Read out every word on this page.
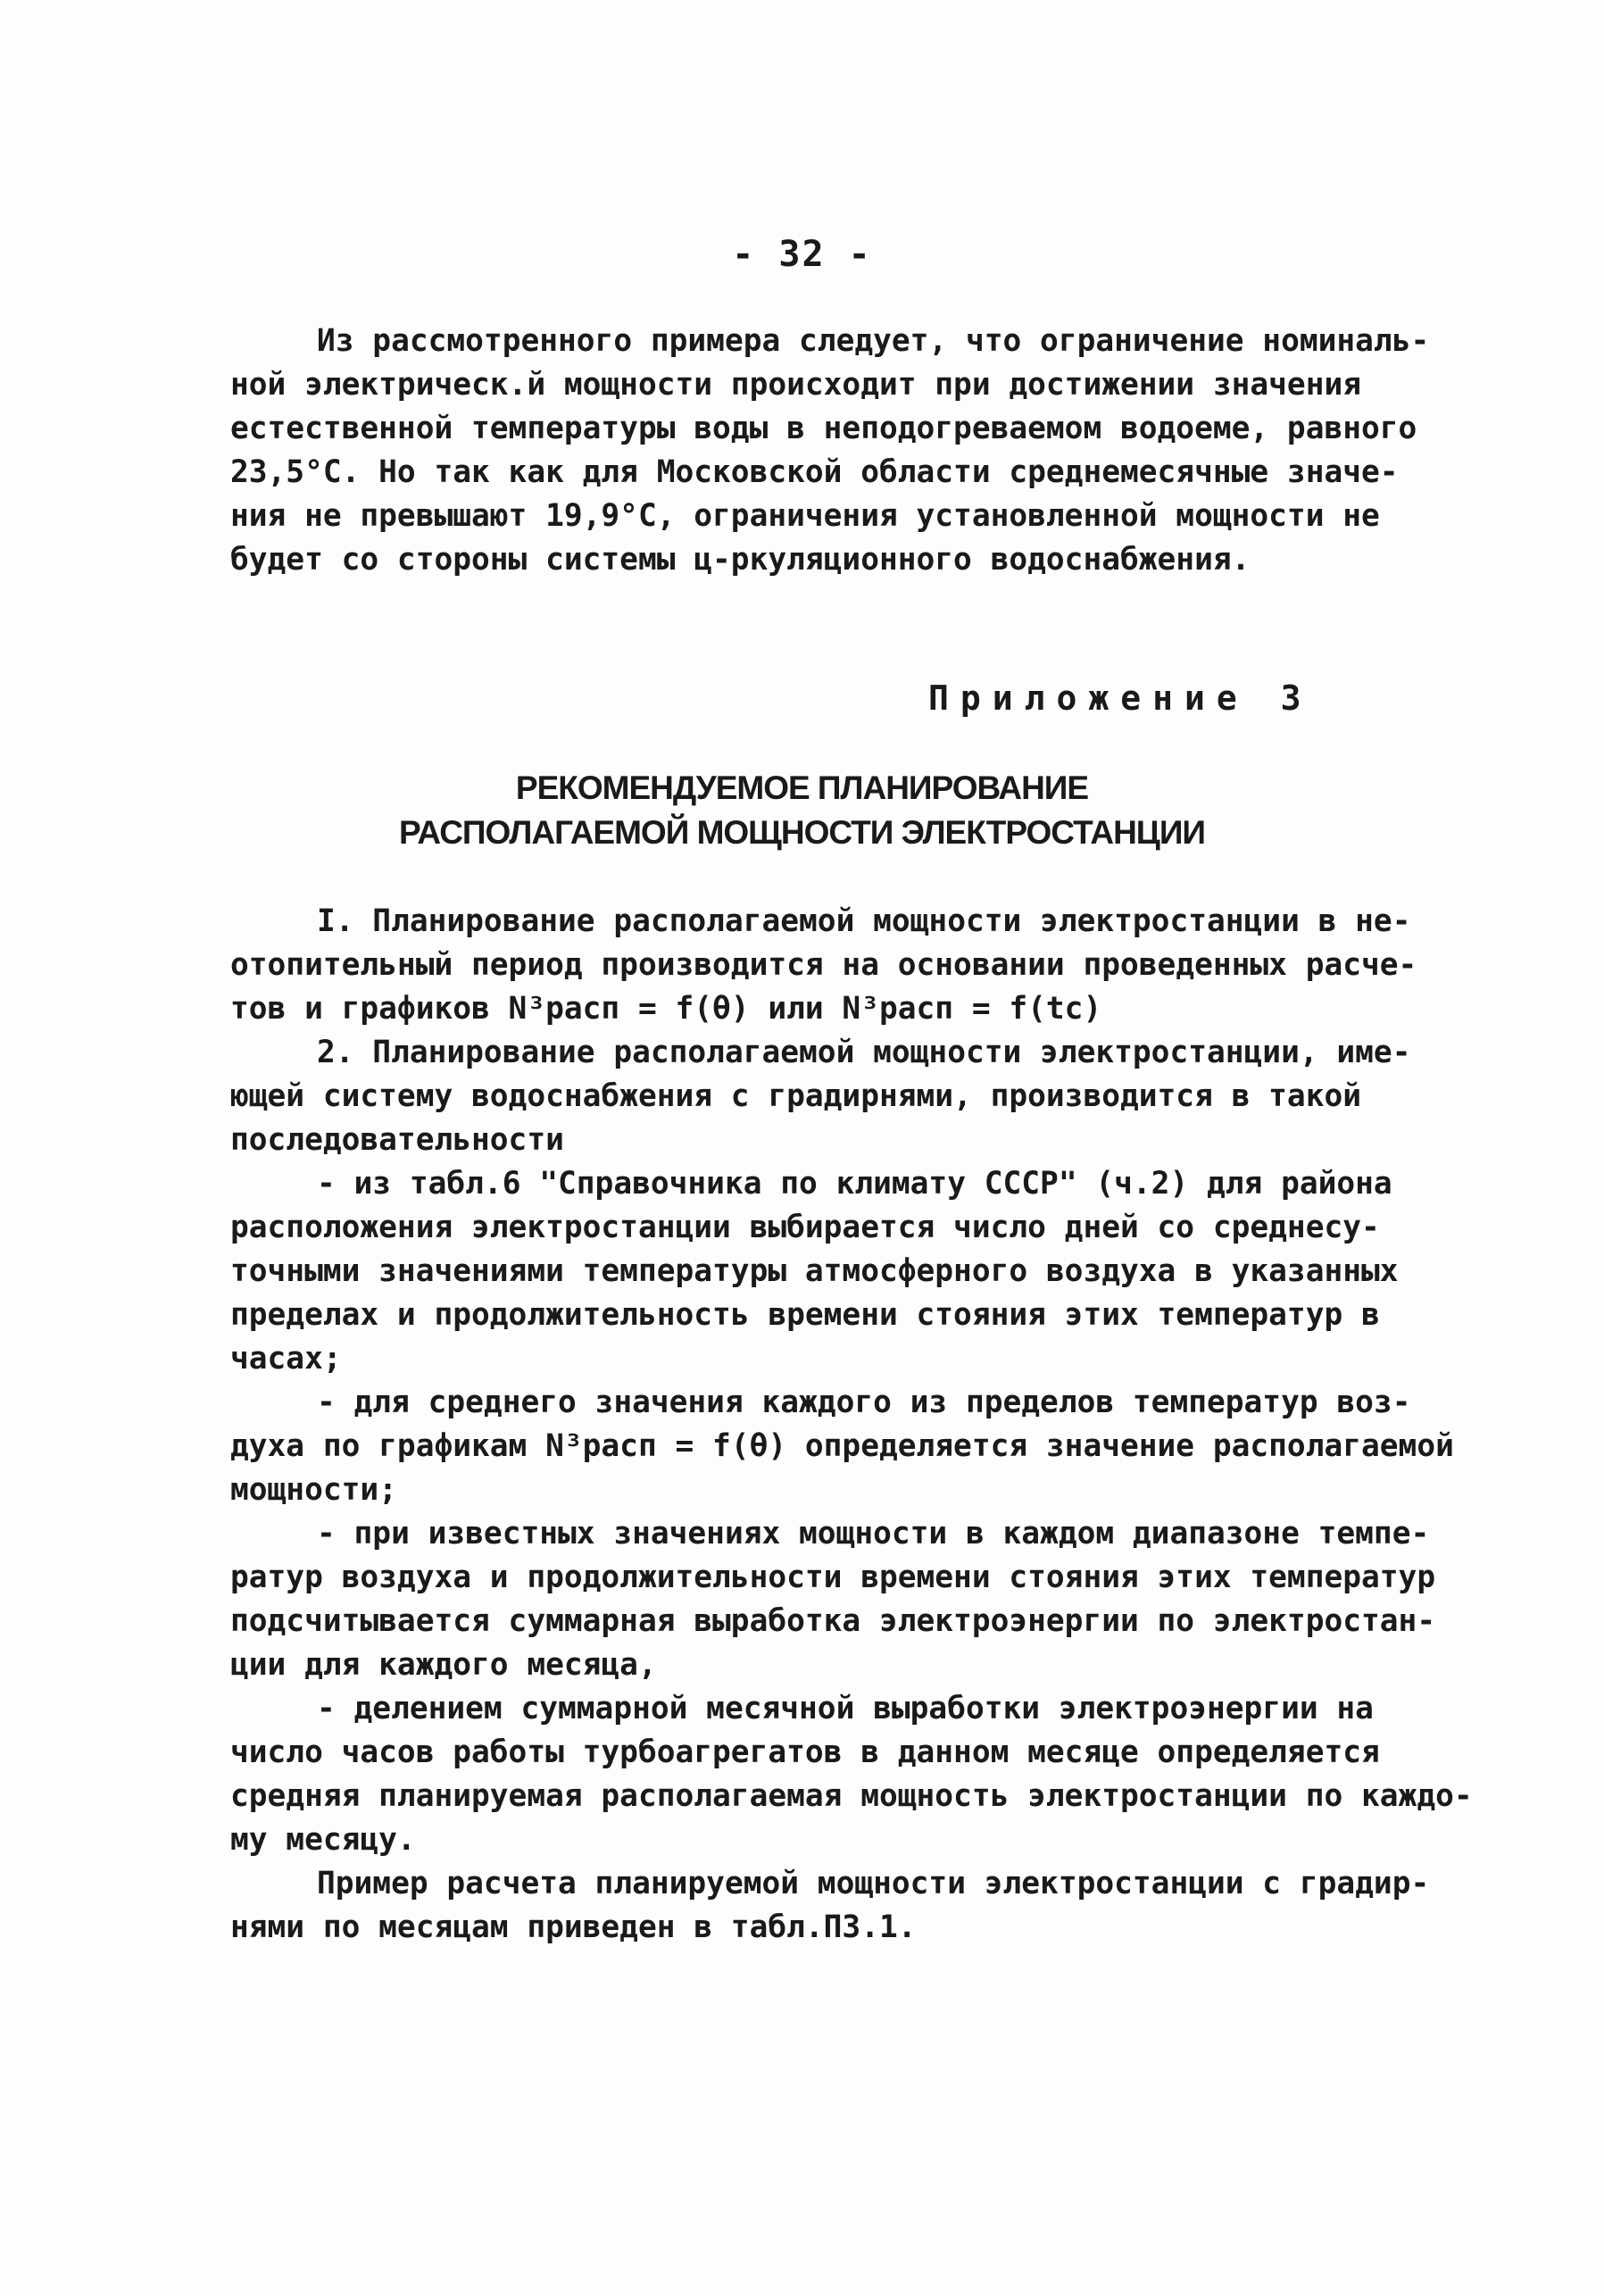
- 32 -
Из рассмотренного примера следует, что ограничение номиналь-
ной электрическ.й мощности происходит при достижении значения
естественной температуры воды в неподогреваемом водоеме, равного
23,5°С. Но так как для Московской области среднемесячные значе-
ния не превышают 19,9°С, ограничения установленной мощности не
будет со стороны системы ц‑ркуляционного водоснабжения.
Приложение 3
РЕКОМЕНДУЕМОЕ ПЛАНИРОВАНИЕ
РАСПОЛАГАЕМОЙ МОЩНОСТИ ЭЛЕКТРОСТАНЦИИ
I. Планирование располагаемой мощности электростанции в не-
отопительный период производится на основании проведенных расче-
тов и графиков N³расп = f(θ) или N³расп = f(tс)
2. Планирование располагаемой мощности электростанции, име-
ющей систему водоснабжения с градирнями, производится в такой
последовательности
- из табл.6 "Справочника по климату СССР" (ч.2) для района
расположения электростанции выбирается число дней со среднесу-
точными значениями температуры атмосферного воздуха в указанных
пределах и продолжительность времени стояния этих температур в
часах;
- для среднего значения каждого из пределов температур воз-
духа по графикам N³расп = f(θ) определяется значение располагаемой
мощности;
- при известных значениях мощности в каждом диапазоне темпе-
ратур воздуха и продолжительности времени стояния этих температур
подсчитывается суммарная выработка электроэнергии по электростан-
ции для каждого месяца,
- делением суммарной месячной выработки электроэнергии на
число часов работы турбоагрегатов в данном месяце определяется
средняя планируемая располагаемая мощность электростанции по каждо-
му месяцу.
Пример расчета планируемой мощности электростанции с градир-
нями по месяцам приведен в табл.П3.1.
